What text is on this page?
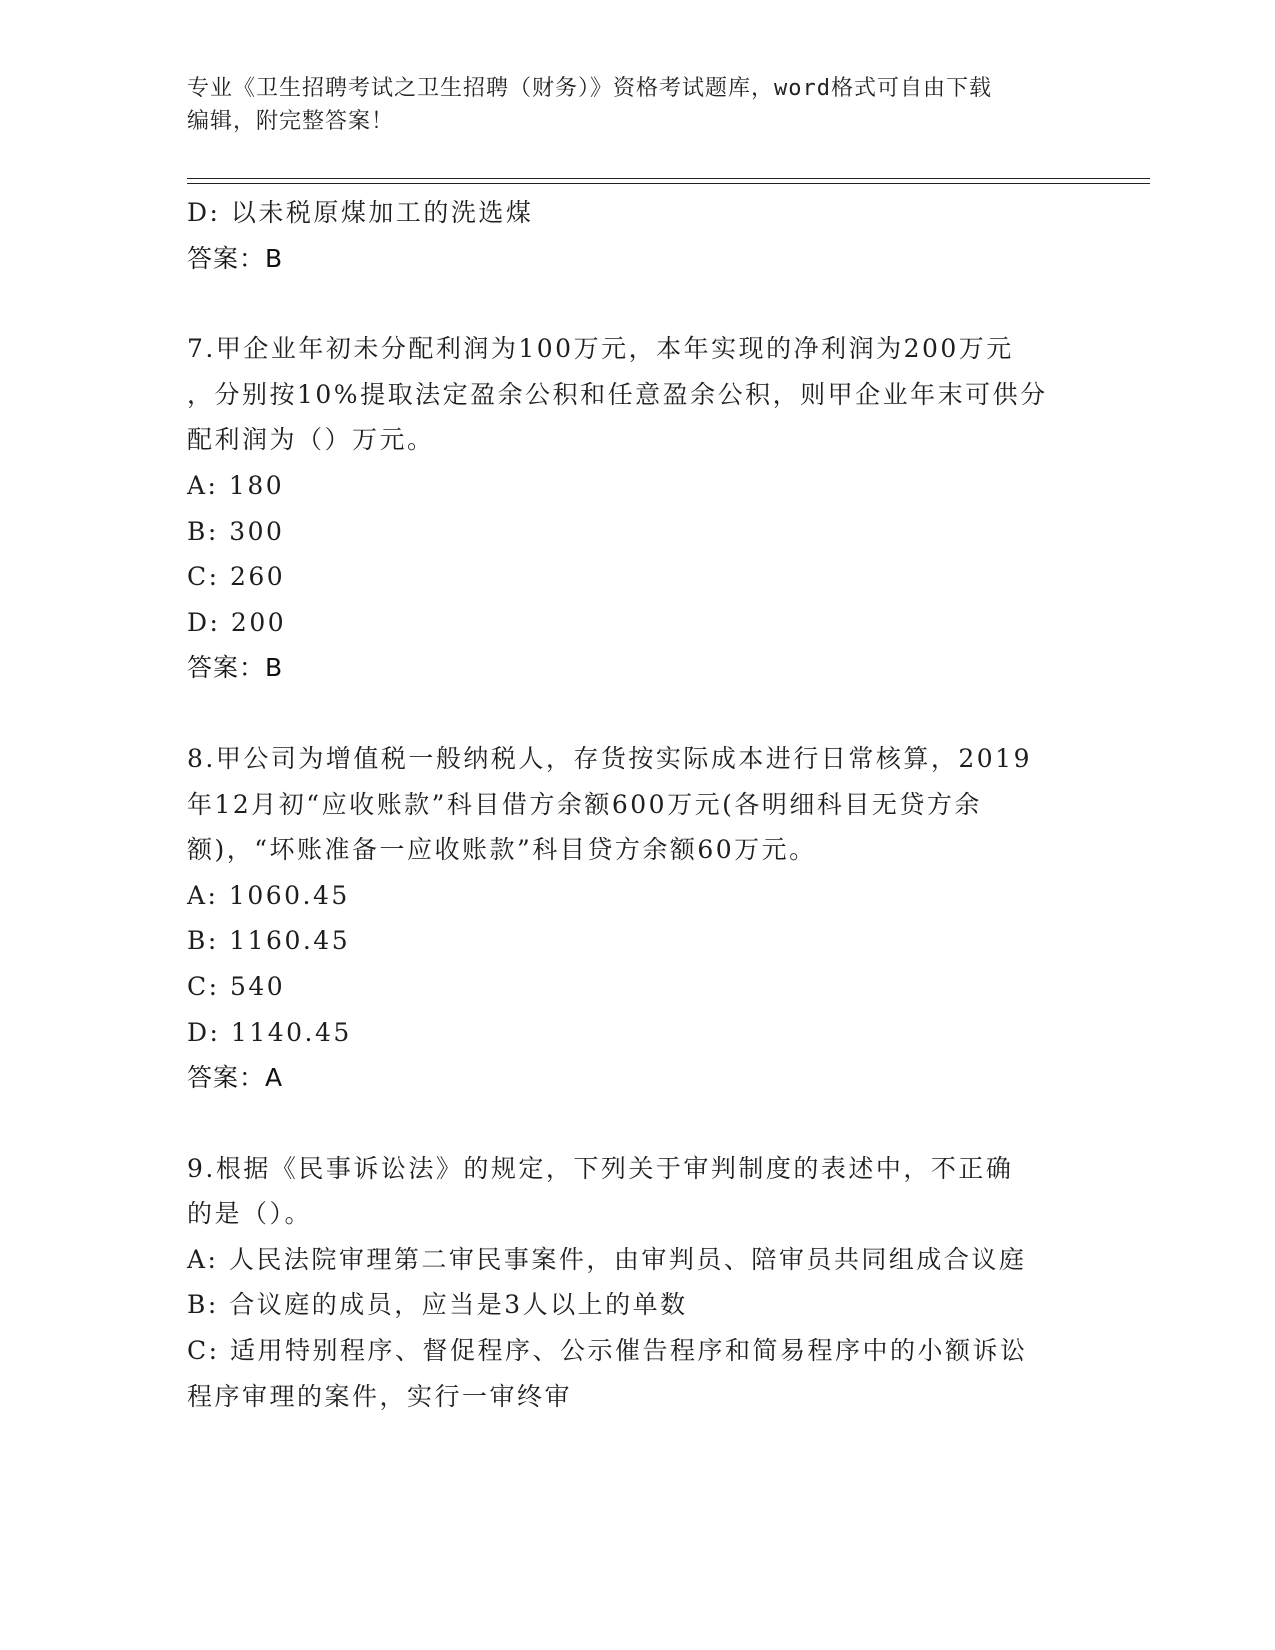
专业《卫生招聘考试之卫生招聘（财务）》资格考试题库，word格式可自由下载

编辑，附完整答案！

D: 以未税原煤加工的洗选煤
答案：B
7.甲企业年初未分配利润为100万元，本年实现的净利润为200万元
，分别按10%提取法定盈余公积和任意盈余公积，则甲企业年末可供分
配利润为（）万元。
A: 180
B: 300
C: 260
D: 200
答案：B
8.甲公司为增值税一般纳税人，存货按实际成本进行日常核算，2019
年12月初“应收账款”科目借方余额600万元(各明细科目无贷方余
额)，“坏账准备一应收账款”科目贷方余额60万元。
A: 1060.45
B: 1160.45
C: 540
D: 1140.45
答案：A
9.根据《民事诉讼法》的规定，下列关于审判制度的表述中，不正确
的是（）。
A: 人民法院审理第二审民事案件，由审判员、陪审员共同组成合议庭
B: 合议庭的成员，应当是3人以上的单数
C: 适用特别程序、督促程序、公示催告程序和简易程序中的小额诉讼
程序审理的案件，实行一审终审
